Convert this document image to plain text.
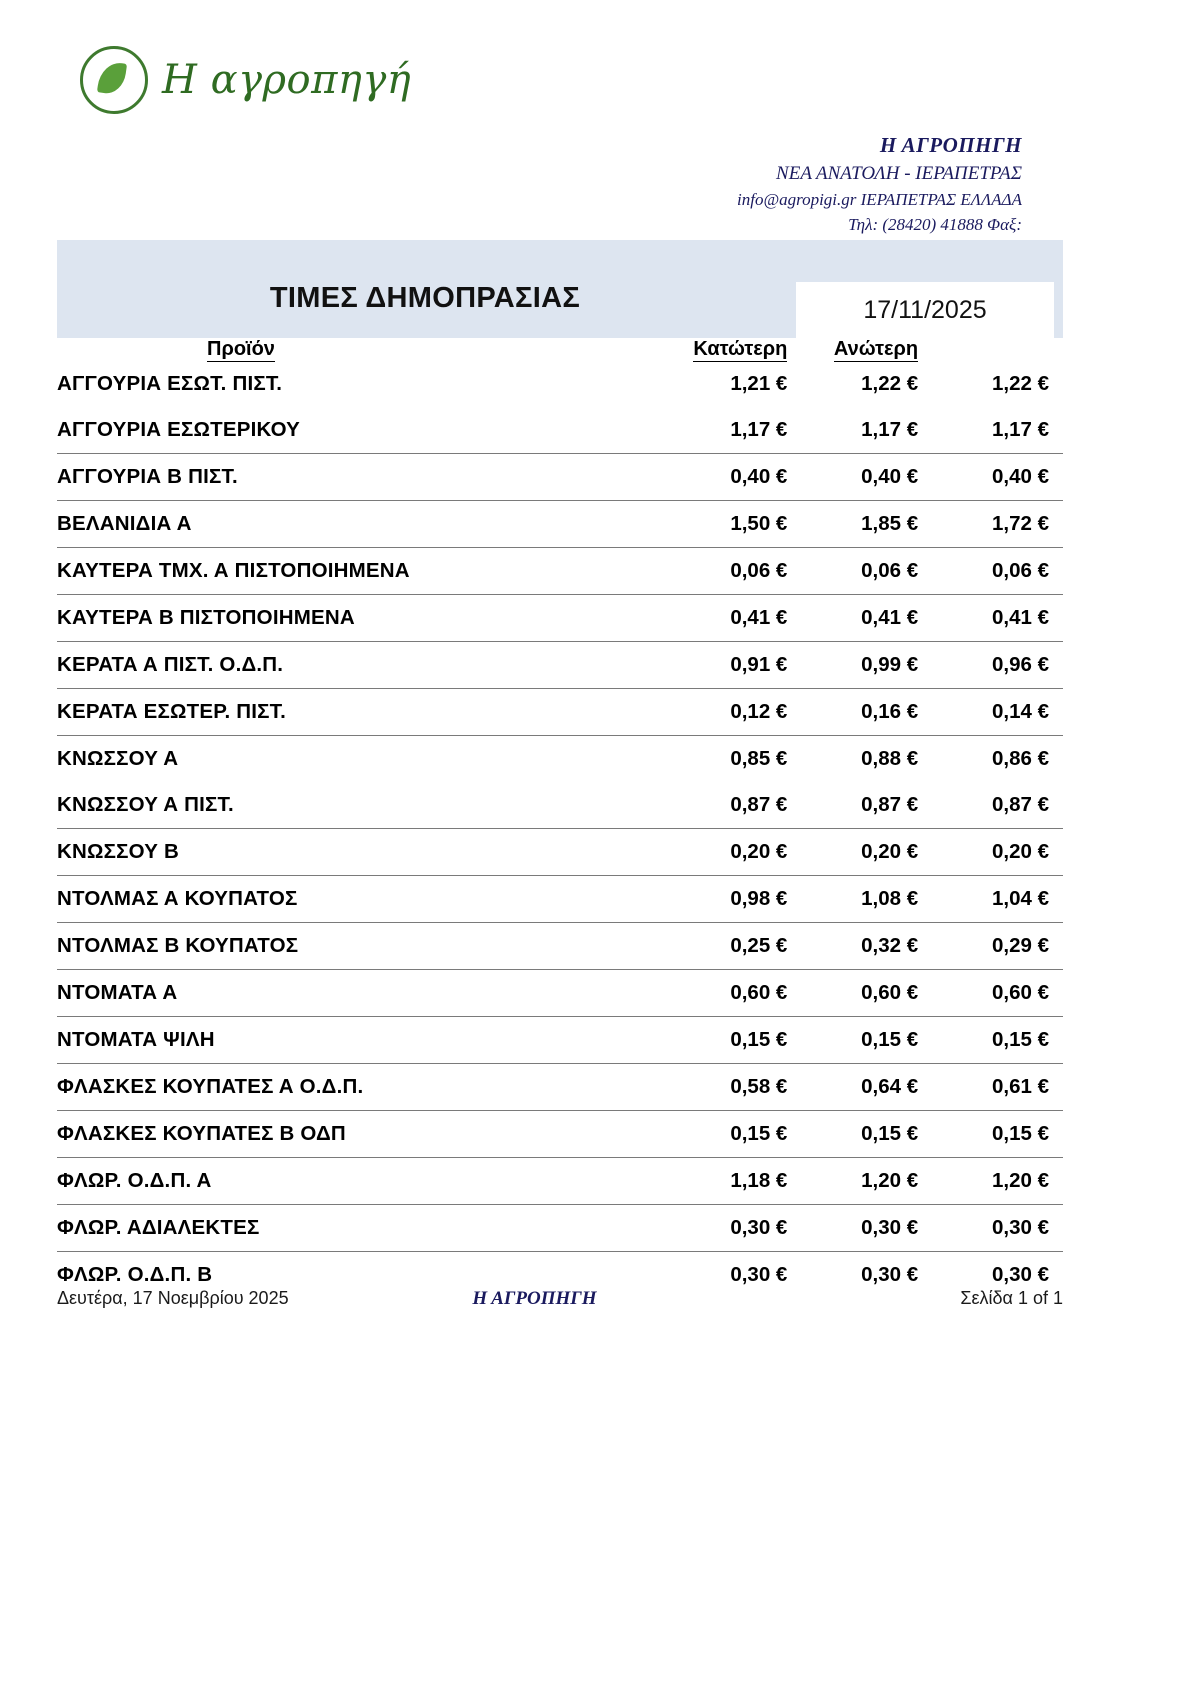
Η αγροπηγή
Η ΑΓΡΟΠΗΓΗ
ΝΕΑ ΑΝΑΤΟΛΗ - ΙΕΡΑΠΕΤΡΑΣ
info@agropigi.gr ΙΕΡΑΠΕΤΡΑΣ ΕΛΛΑΔΑ
Τηλ: (28420) 41888 Φαξ:
ΤΙΜΕΣ ΔΗΜΟΠΡΑΣΙΑΣ	17/11/2025
Προϊόν	Κατώτερη	Ανώτερη	
ΑΓΓΟΥΡΙΑ ΕΣΩΤ. ΠΙΣΤ.	1,21 €	1,22 €	1,22 €
ΑΓΓΟΥΡΙΑ ΕΣΩΤΕΡΙΚΟΥ	1,17 €	1,17 €	1,17 €
ΑΓΓΟΥΡΙΑ Β ΠΙΣΤ.	0,40 €	0,40 €	0,40 €
ΒΕΛΑΝΙΔΙΑ Α	1,50 €	1,85 €	1,72 €
ΚΑΥΤΕΡΑ ΤΜΧ. Α ΠΙΣΤΟΠΟΙΗΜΕΝΑ	0,06 €	0,06 €	0,06 €
ΚΑΥΤΕΡΑ Β ΠΙΣΤΟΠΟΙΗΜΕΝΑ	0,41 €	0,41 €	0,41 €
ΚΕΡΑΤΑ Α ΠΙΣΤ. Ο.Δ.Π.	0,91 €	0,99 €	0,96 €
ΚΕΡΑΤΑ ΕΣΩΤΕΡ. ΠΙΣΤ.	0,12 €	0,16 €	0,14 €
ΚΝΩΣΣΟΥ Α	0,85 €	0,88 €	0,86 €
ΚΝΩΣΣΟΥ Α ΠΙΣΤ.	0,87 €	0,87 €	0,87 €
ΚΝΩΣΣΟΥ Β	0,20 €	0,20 €	0,20 €
ΝΤΟΛΜΑΣ Α ΚΟΥΠΑΤΟΣ	0,98 €	1,08 €	1,04 €
ΝΤΟΛΜΑΣ Β ΚΟΥΠΑΤΟΣ	0,25 €	0,32 €	0,29 €
ΝΤΟΜΑΤΑ Α	0,60 €	0,60 €	0,60 €
ΝΤΟΜΑΤΑ ΨΙΛΗ	0,15 €	0,15 €	0,15 €
ΦΛΑΣΚΕΣ ΚΟΥΠΑΤΕΣ Α Ο.Δ.Π.	0,58 €	0,64 €	0,61 €
ΦΛΑΣΚΕΣ ΚΟΥΠΑΤΕΣ Β ΟΔΠ	0,15 €	0,15 €	0,15 €
ΦΛΩΡ. Ο.Δ.Π. Α	1,18 €	1,20 €	1,20 €
ΦΛΩΡ. ΑΔΙΑΛΕΚΤΕΣ	0,30 €	0,30 €	0,30 €
ΦΛΩΡ. Ο.Δ.Π. Β	0,30 €	0,30 €	0,30 €
Δευτέρα, 17 Νοεμβρίου 2025	Η ΑΓΡΟΠΗΓΗ	Σελίδα 1 of 1
